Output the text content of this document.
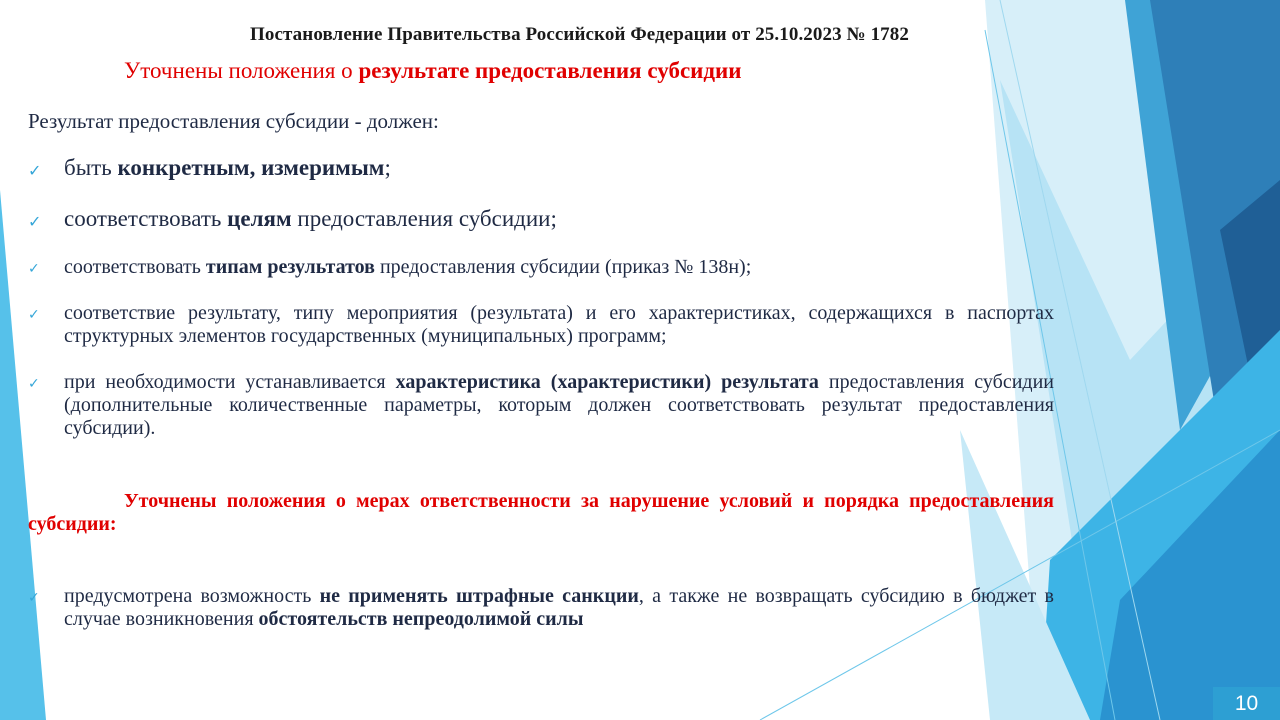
Постановление Правительства Российской Федерации от 25.10.2023 № 1782
Уточнены положения о результате предоставления субсидии
Результат предоставления субсидии - должен:
✓ быть конкретным, измеримым;
✓ соответствовать целям предоставления субсидии;
✓	соответствовать типам результатов предоставления субсидии (приказ № 138н);
✓	соответствие результату, типу мероприятия (результата) и его характеристиках, содержащихся в паспортах структурных элементов государственных (муниципальных) программ;
✓	при необходимости устанавливается характеристика (характеристики) результата предоставления субсидии (дополнительные количественные параметры, которым должен соответствовать результат предоставления субсидии).
Уточнены положения о мерах ответственности за нарушение условий и порядка предоставления субсидии:
✓	предусмотрена возможность не применять штрафные санкции, а также не возвращать субсидию в бюджет в случае возникновения обстоятельств непреодолимой силы
10
